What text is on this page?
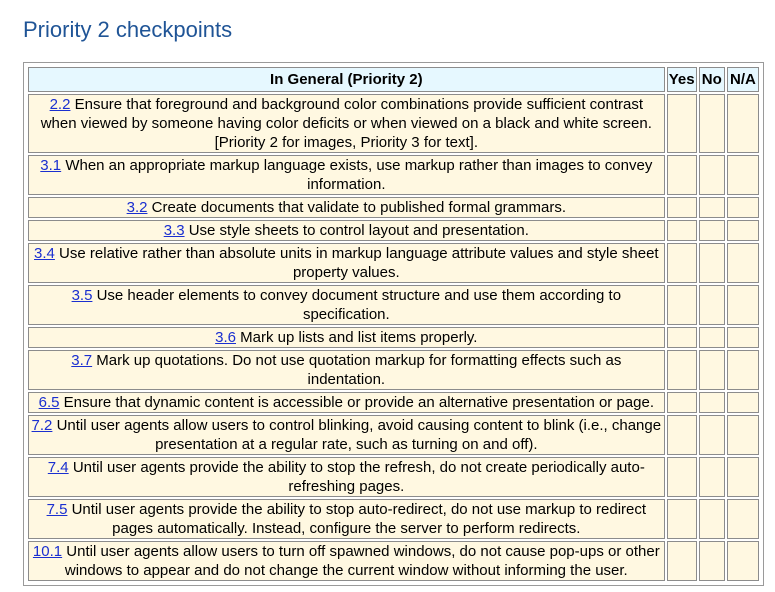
Priority 2 checkpoints
In General (Priority 2)	Yes	No	N/A
2.2 Ensure that foreground and background color combinations provide sufficient contrast when viewed by someone having color deficits or when viewed on a black and white screen. [Priority 2 for images, Priority 3 for text].			
3.1 When an appropriate markup language exists, use markup rather than images to convey information.			
3.2 Create documents that validate to published formal grammars.			
3.3 Use style sheets to control layout and presentation.			
3.4 Use relative rather than absolute units in markup language attribute values and style sheet property values.			
3.5 Use header elements to convey document structure and use them according to specification.			
3.6 Mark up lists and list items properly.			
3.7 Mark up quotations. Do not use quotation markup for formatting effects such as indentation.			
6.5 Ensure that dynamic content is accessible or provide an alternative presentation or page.			
7.2 Until user agents allow users to control blinking, avoid causing content to blink (i.e., change presentation at a regular rate, such as turning on and off).			
7.4 Until user agents provide the ability to stop the refresh, do not create periodically auto-refreshing pages.			
7.5 Until user agents provide the ability to stop auto-redirect, do not use markup to redirect pages automatically. Instead, configure the server to perform redirects.			
10.1 Until user agents allow users to turn off spawned windows, do not cause pop-ups or other windows to appear and do not change the current window without informing the user.			
